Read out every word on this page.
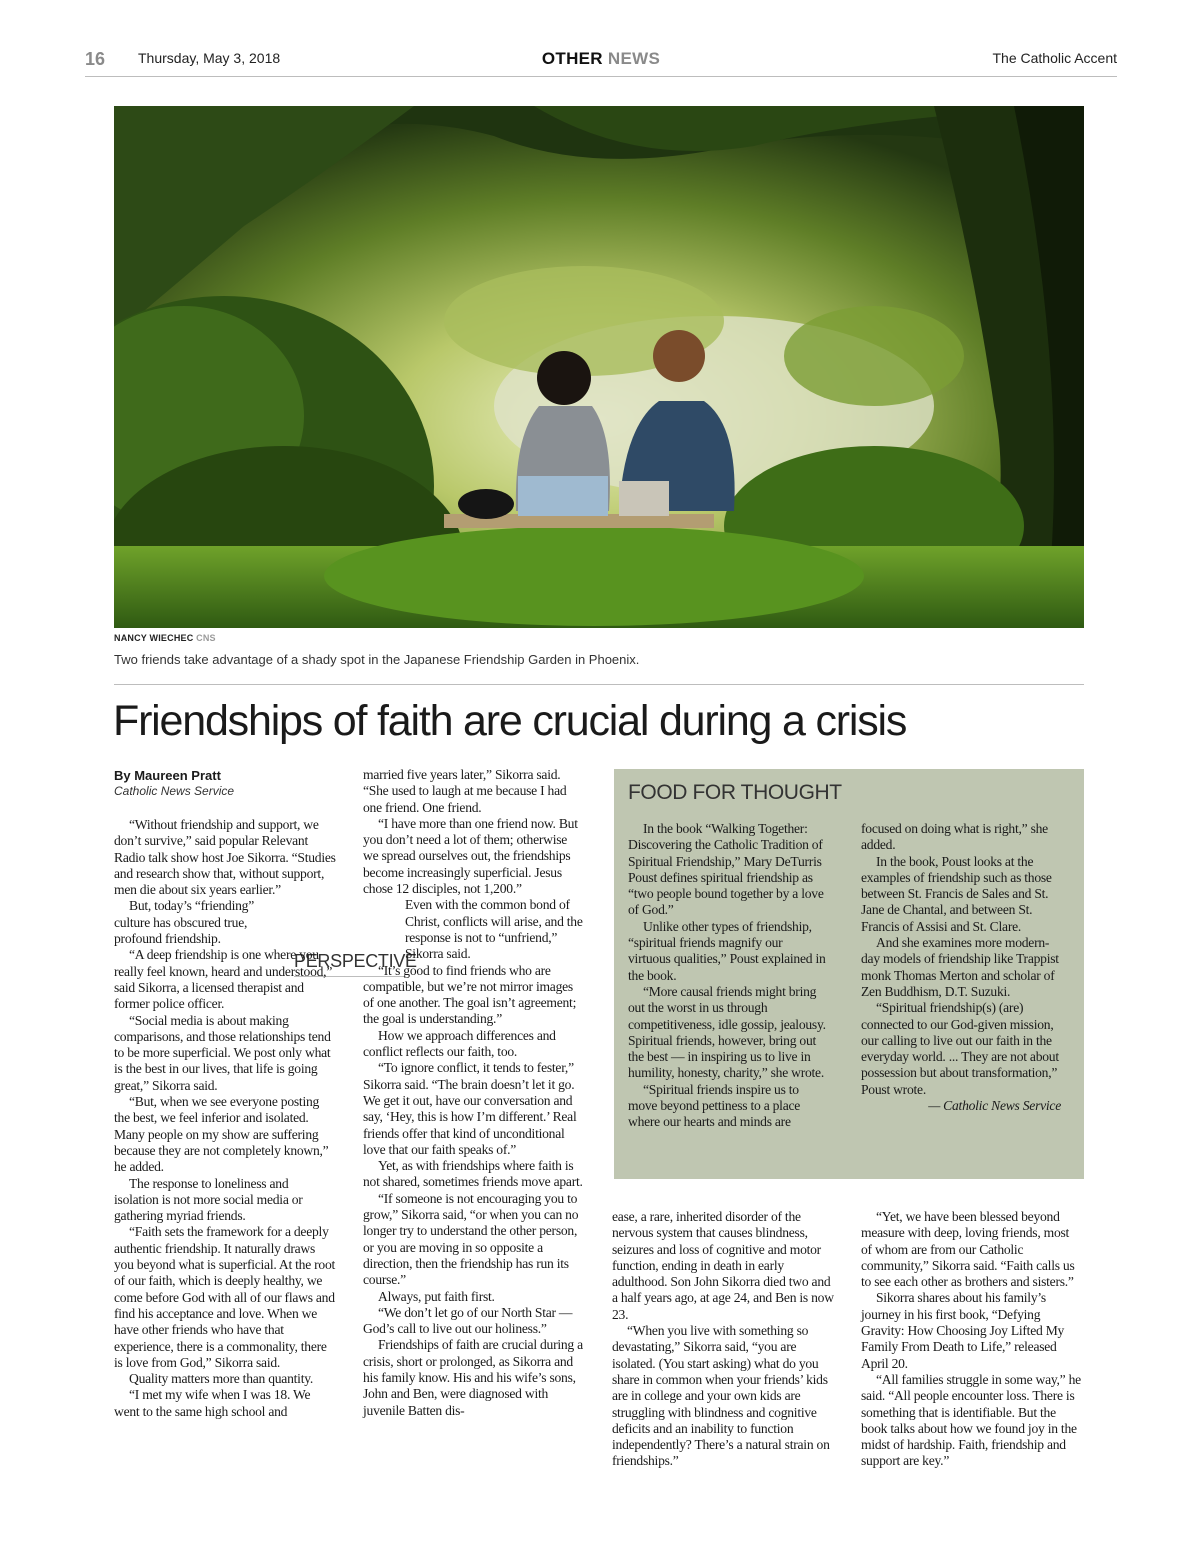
16 Thursday, May 3, 2018	OTHER NEWS	The Catholic Accent
NANCY WIECHEC CNS
Two friends take advantage of a shady spot in the Japanese Friendship Garden in Phoenix.
Friendships of faith are crucial during a crisis
By Maureen Pratt
Catholic News Service
PERSPECTIVE

“Without friendship and support, we don’t survive,” said popular Relevant Radio talk show host Joe Sikorra. “Studies and research show that, without support, men die about six years earlier.”

But, today’s “friending” culture has obscured true, profound friendship.

“A deep friendship is one where you really feel known, heard and understood,” said Sikorra, a licensed therapist and former police officer.

“Social media is about making comparisons, and those relationships tend to be more superficial. We post only what is the best in our lives, that life is going great,” Sikorra said.

“But, when we see everyone posting the best, we feel inferior and isolated. Many people on my show are suffering because they are not completely known,” he added.

The response to loneliness and isolation is not more social media or gathering myriad friends.

“Faith sets the framework for a deeply authentic friendship. It naturally draws you beyond what is superficial. At the root of our faith, which is deeply healthy, we come before God with all of our flaws and find his acceptance and love. When we have other friends who have that experience, there is a commonality, there is love from God,” Sikorra said.

Quality matters more than quantity.

“I met my wife when I was 18. We went to the same high school and

married five years later,” Sikorra said. “She used to laugh at me because I had one friend. One friend.

“I have more than one friend now. But you don’t need a lot of them; otherwise we spread ourselves out, the friendships become increasingly superficial. Jesus chose 12 disciples, not 1,200.”

Even with the common bond of Christ, conflicts will arise, and the response is not to “unfriend,” Sikorra said.

“It’s good to find friends who are compatible, but we’re not mirror images of one another. The goal isn’t agreement; the goal is understanding.”

How we approach differences and conflict reflects our faith, too.

“To ignore conflict, it tends to fester,” Sikorra said. “The brain doesn’t let it go. We get it out, have our conversation and say, ‘Hey, this is how I’m different.’ Real friends offer that kind of unconditional love that our faith speaks of.”

Yet, as with friendships where faith is not shared, sometimes friends move apart.

“If someone is not encouraging you to grow,” Sikorra said, “or when you can no longer try to understand the other person, or you are moving in so opposite a direction, then the friendship has run its course.”

Always, put faith first.

“We don’t let go of our North Star — God’s call to live out our holiness.”

Friendships of faith are crucial during a crisis, short or prolonged, as Sikorra and his family know. His and his wife’s sons, John and Ben, were diagnosed with juvenile Batten dis-

FOOD FOR THOUGHT

In the book “Walking Together: Discovering the Catholic Tradition of Spiritual Friendship,” Mary DeTurris Poust defines spiritual friendship as “two people bound together by a love of God.”

Unlike other types of friendship, “spiritual friends magnify our virtuous qualities,” Poust explained in the book.

“More causal friends might bring out the worst in us through competitiveness, idle gossip, jealousy. Spiritual friends, however, bring out the best — in inspiring us to live in humility, honesty, charity,” she wrote.

“Spiritual friends inspire us to move beyond pettiness to a place where our hearts and minds are

focused on doing what is right,” she added.

In the book, Poust looks at the examples of friendship such as those between St. Francis de Sales and St. Jane de Chantal, and between St. Francis of Assisi and St. Clare.

And she examines more modern-day models of friendship like Trappist monk Thomas Merton and scholar of Zen Buddhism, D.T. Suzuki.

“Spiritual friendship(s) (are) connected to our God-given mission, our calling to live out our faith in the everyday world. ... They are not about possession but about transformation,” Poust wrote.

— Catholic News Service

ease, a rare, inherited disorder of the nervous system that causes blindness, seizures and loss of cognitive and motor function, ending in death in early adulthood. Son John Sikorra died two and a half years ago, at age 24, and Ben is now 23.

“When you live with something so devastating,” Sikorra said, “you are isolated. (You start asking) what do you share in common when your friends’ kids are in college and your own kids are struggling with blindness and cognitive deficits and an inability to function independently? There’s a natural strain on friendships.”

“Yet, we have been blessed beyond measure with deep, loving friends, most of whom are from our Catholic community,” Sikorra said. “Faith calls us to see each other as brothers and sisters.”

Sikorra shares about his family’s journey in his first book, “Defying Gravity: How Choosing Joy Lifted My Family From Death to Life,” released April 20.

“All families struggle in some way,” he said. “All people encounter loss. There is something that is identifiable. But the book talks about how we found joy in the midst of hardship. Faith, friendship and support are key.”
